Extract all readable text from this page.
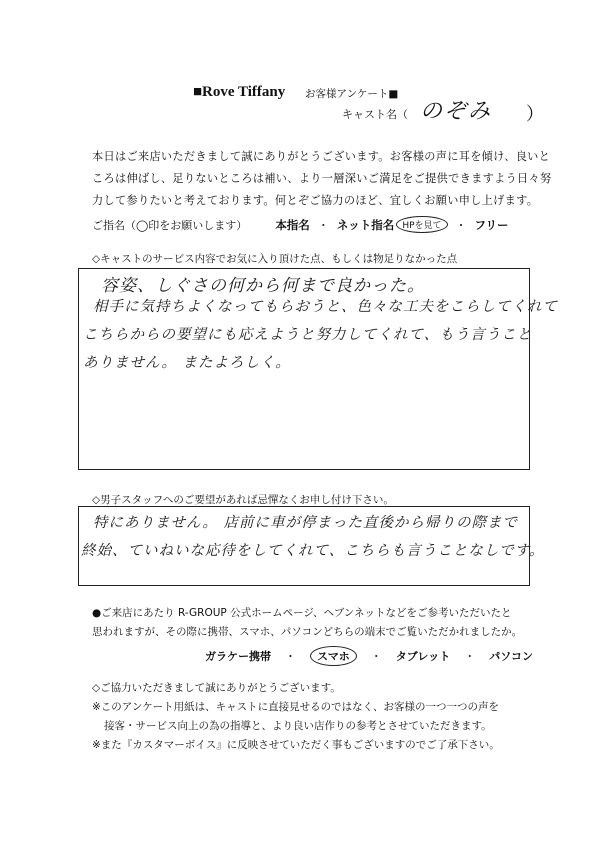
■Rove Tiffany お客様アンケート■
キャスト名（ のぞみ ）
本日はご来店いただきまして誠にありがとうございます。お客様の声に耳を傾け、良いと
ころは伸ばし、足りないところは補い、より一層深いご満足をご提供できますよう日々努
力して参りたいと考えております。何とぞご協力のほど、宜しくお願い申し上げます。
ご指名（◯印をお願いします） 本指名 ・ ネット指名 HPを見て	・ フリー
◇キャストのサービス内容でお気に入り頂けた点、もしくは物足りなかった点
容姿、しぐさの何から何まで良かった。
相手に気持ちよくなってもらおうと、色々な工夫をこらしてくれて
こちらからの要望にも応えようと努力してくれて、もう言うこと
ありません。 またよろしく。
◇男子スタッフへのご要望があれば忌憚なくお申し付け下さい。
特にありません。 店前に車が停まった直後から帰りの際まで
終始、ていねいな応待をしてくれて、こちらも言うことなしです。
●ご来店にあたり R-GROUP 公式ホームページ、ヘブンネットなどをご参考いただいたと
思われますが、その際に携帯、スマホ、パソコンどちらの端末でご覧いただかれましたか。
ガラケー携帯 ・	スマホ	・ タブレット ・ パソコン
◇ご協力いただきまして誠にありがとうございます。
※このアンケート用紙は、キャストに直接見せるのではなく、お客様の一つ一つの声を
接客・サービス向上の為の指導と、より良い店作りの参考とさせていただきます。
※また『カスタマーボイス』に反映させていただく事もございますのでご了承下さい。
